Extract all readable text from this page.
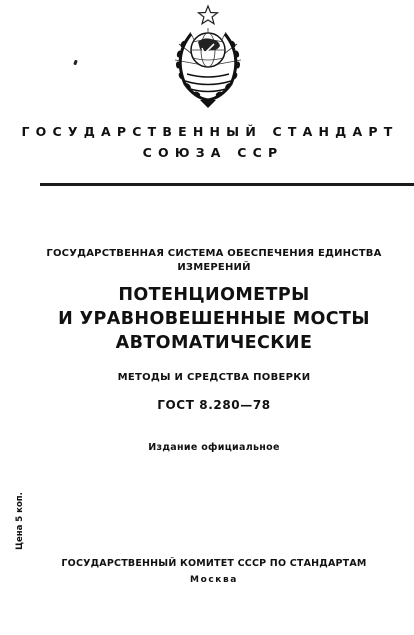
ГОСУДАРСТВЕННЫЙ СТАНДАРТ
СОЮЗА ССР
ГОСУДАРСТВЕННАЯ СИСТЕМА ОБЕСПЕЧЕНИЯ ЕДИНСТВА
ИЗМЕРЕНИЙ
ПОТЕНЦИОМЕТРЫ
И УРАВНОВЕШЕННЫЕ МОСТЫ
АВТОМАТИЧЕСКИЕ
МЕТОДЫ И СРЕДСТВА ПОВЕРКИ
ГОСТ 8.280—78
Издание официальное
Цена 5 коп.
ГОСУДАРСТВЕННЫЙ КОМИТЕТ СССР ПО СТАНДАРТАМ
Москва
